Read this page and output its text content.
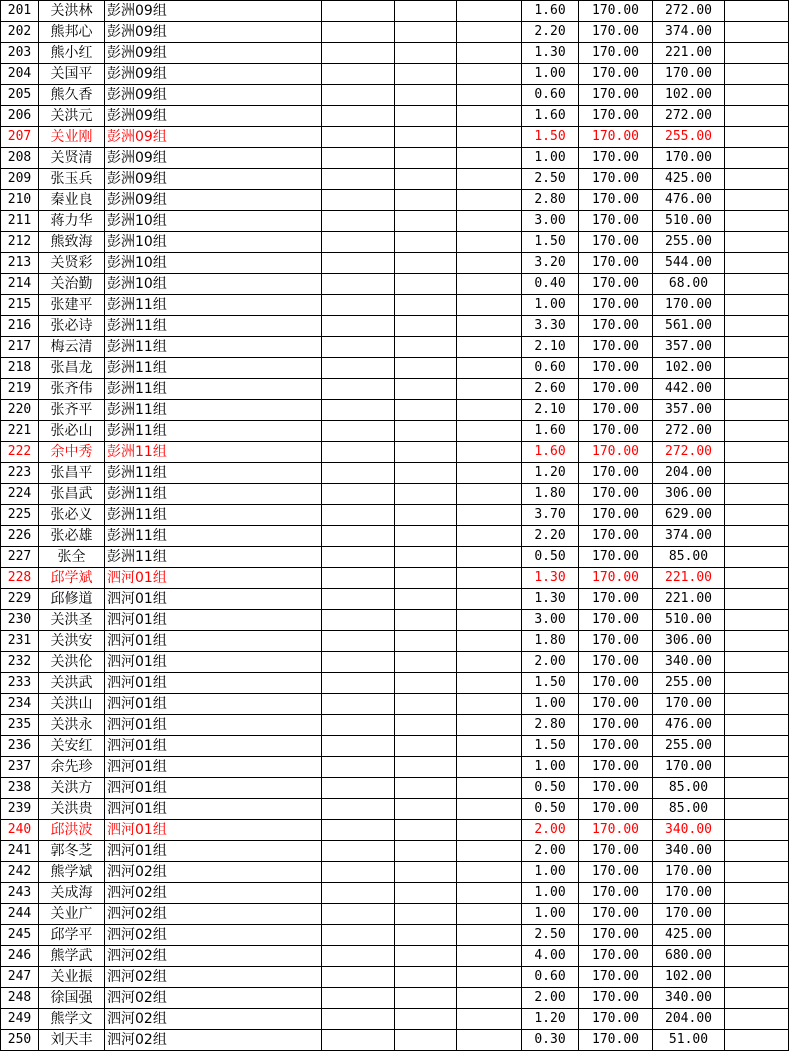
201	关洪林	彭洲09组				1.60	170.00	272.00	
202	熊邦心	彭洲09组				2.20	170.00	374.00	
203	熊小红	彭洲09组				1.30	170.00	221.00	
204	关国平	彭洲09组				1.00	170.00	170.00	
205	熊久香	彭洲09组				0.60	170.00	102.00	
206	关洪元	彭洲09组				1.60	170.00	272.00	
207	关业刚	彭洲09组				1.50	170.00	255.00	
208	关贤清	彭洲09组				1.00	170.00	170.00	
209	张玉兵	彭洲09组				2.50	170.00	425.00	
210	秦业良	彭洲09组				2.80	170.00	476.00	
211	蒋力华	彭洲10组				3.00	170.00	510.00	
212	熊致海	彭洲10组				1.50	170.00	255.00	
213	关贤彩	彭洲10组				3.20	170.00	544.00	
214	关治勤	彭洲10组				0.40	170.00	68.00	
215	张建平	彭洲11组				1.00	170.00	170.00	
216	张必诗	彭洲11组				3.30	170.00	561.00	
217	梅云清	彭洲11组				2.10	170.00	357.00	
218	张昌龙	彭洲11组				0.60	170.00	102.00	
219	张齐伟	彭洲11组				2.60	170.00	442.00	
220	张齐平	彭洲11组				2.10	170.00	357.00	
221	张必山	彭洲11组				1.60	170.00	272.00	
222	余中秀	彭洲11组				1.60	170.00	272.00	
223	张昌平	彭洲11组				1.20	170.00	204.00	
224	张昌武	彭洲11组				1.80	170.00	306.00	
225	张必义	彭洲11组				3.70	170.00	629.00	
226	张必雄	彭洲11组				2.20	170.00	374.00	
227	张全	彭洲11组				0.50	170.00	85.00	
228	邱学斌	泗河01组				1.30	170.00	221.00	
229	邱修道	泗河01组				1.30	170.00	221.00	
230	关洪圣	泗河01组				3.00	170.00	510.00	
231	关洪安	泗河01组				1.80	170.00	306.00	
232	关洪伦	泗河01组				2.00	170.00	340.00	
233	关洪武	泗河01组				1.50	170.00	255.00	
234	关洪山	泗河01组				1.00	170.00	170.00	
235	关洪永	泗河01组				2.80	170.00	476.00	
236	关安红	泗河01组				1.50	170.00	255.00	
237	余先珍	泗河01组				1.00	170.00	170.00	
238	关洪方	泗河01组				0.50	170.00	85.00	
239	关洪贵	泗河01组				0.50	170.00	85.00	
240	邱洪波	泗河01组				2.00	170.00	340.00	
241	郭冬芝	泗河01组				2.00	170.00	340.00	
242	熊学斌	泗河02组				1.00	170.00	170.00	
243	关成海	泗河02组				1.00	170.00	170.00	
244	关业广	泗河02组				1.00	170.00	170.00	
245	邱学平	泗河02组				2.50	170.00	425.00	
246	熊学武	泗河02组				4.00	170.00	680.00	
247	关业振	泗河02组				0.60	170.00	102.00	
248	徐国强	泗河02组				2.00	170.00	340.00	
249	熊学文	泗河02组				1.20	170.00	204.00	
250	刘天丰	泗河02组				0.30	170.00	51.00	
